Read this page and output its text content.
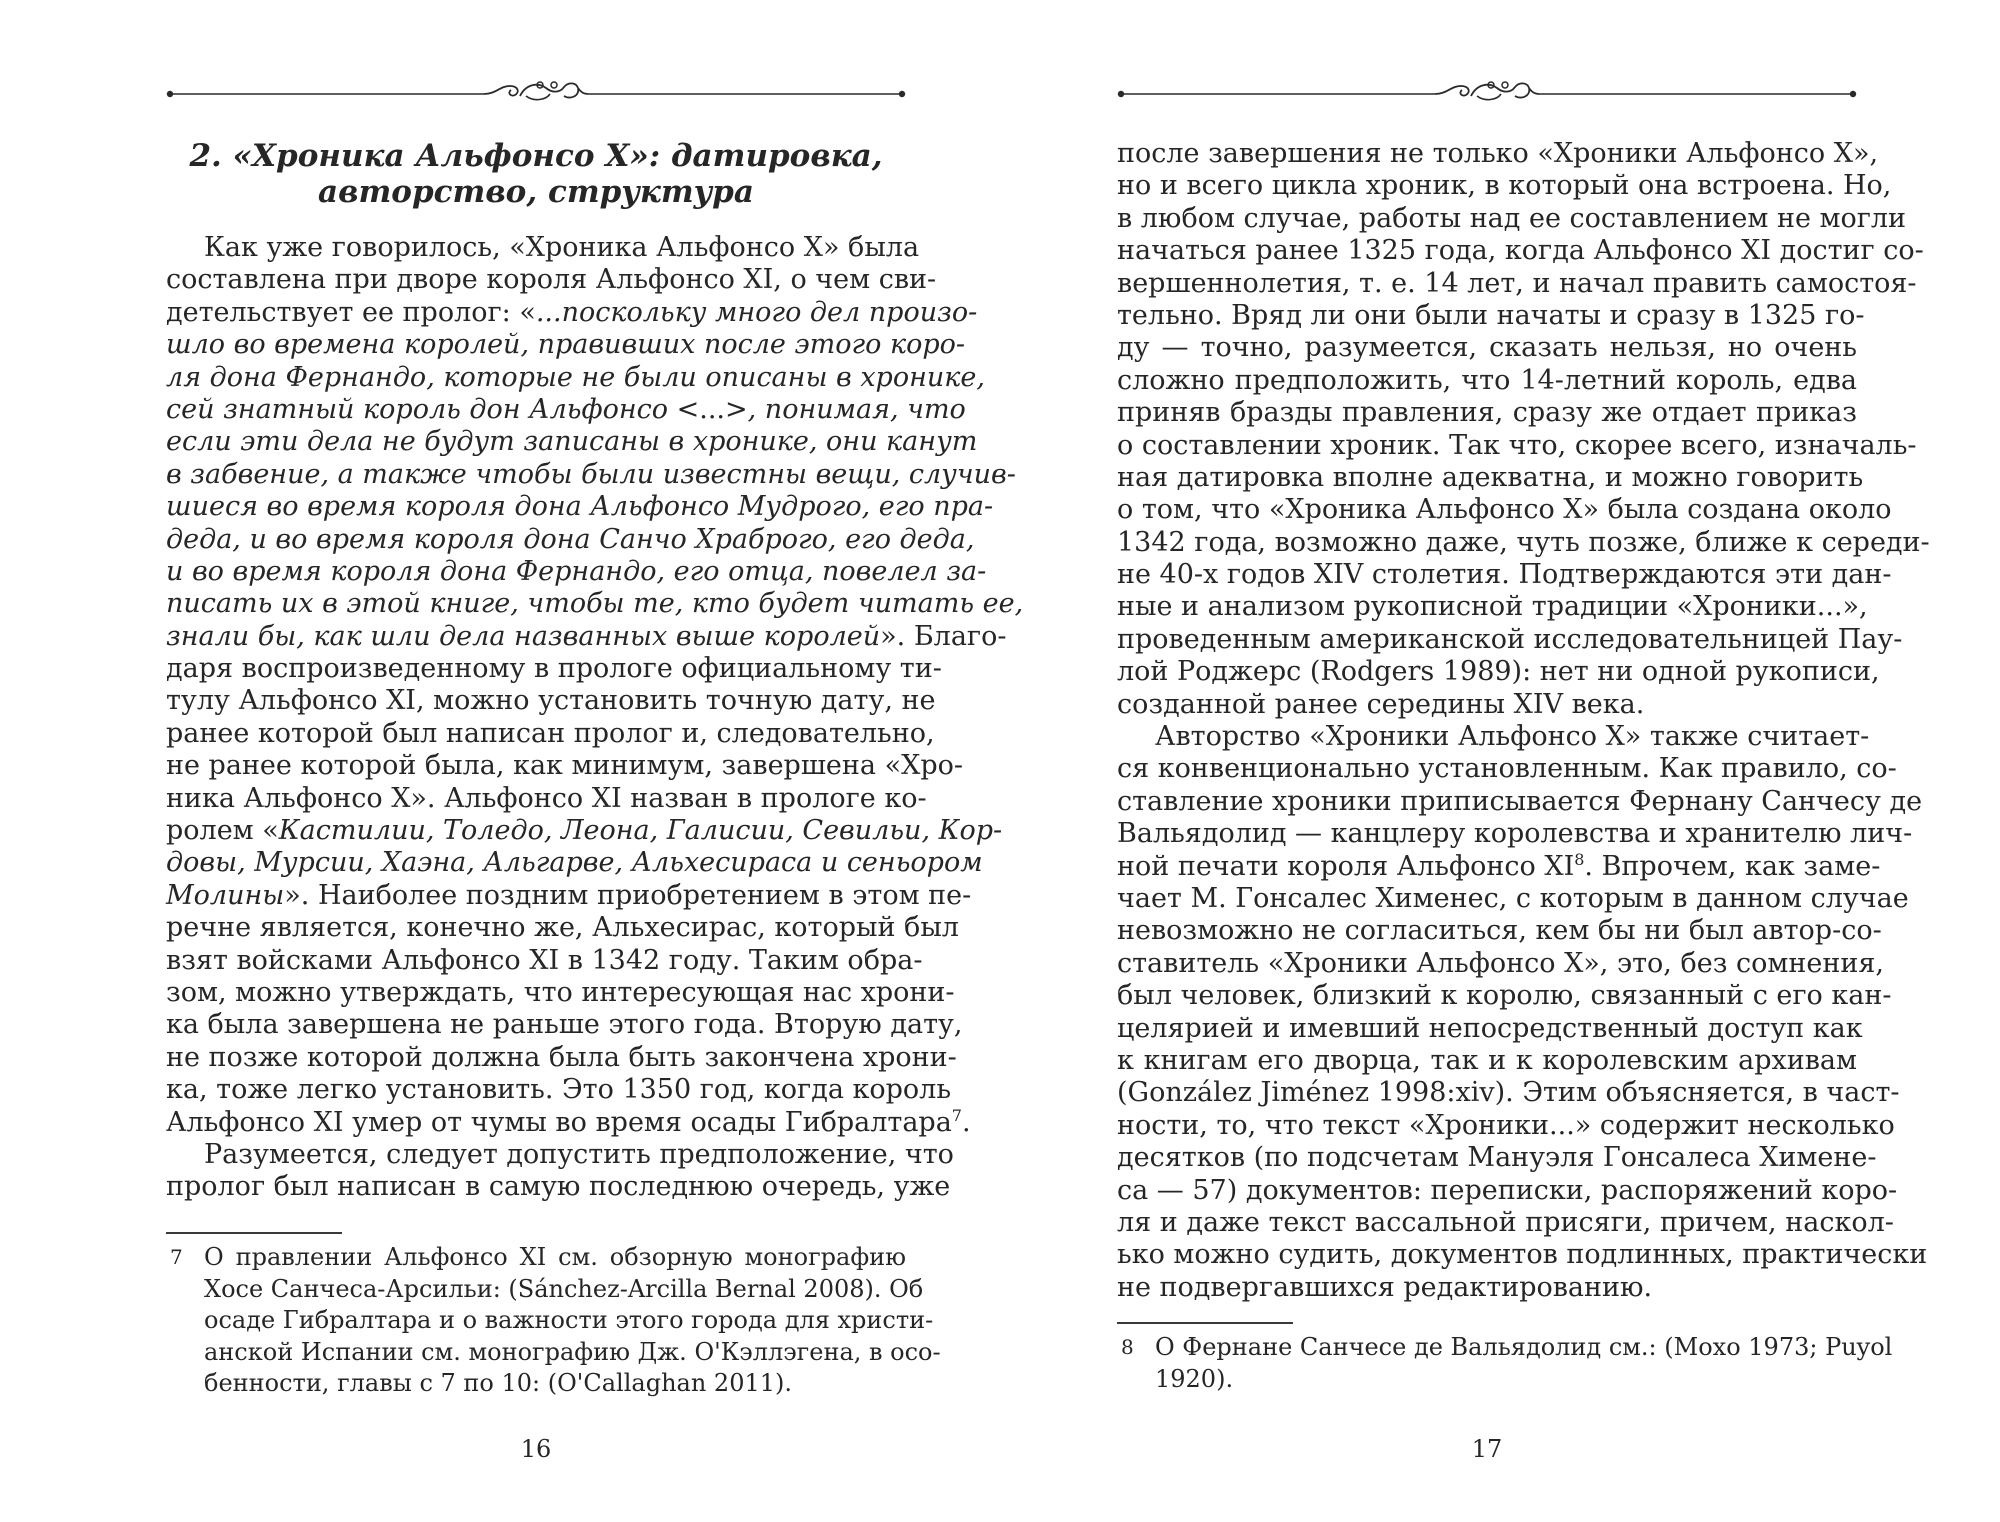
2. «Хроника Альфонсо Х»: датировка,
авторство, структура
Как уже говорилось, «Хроника Альфонсо Х» была
составлена при дворе короля Альфонсо XI, о чем сви-
детельствует ее пролог: «...поскольку много дел произо-
шло во времена королей, правивших после этого коро-
ля дона Фернандо, которые не были описаны в хронике,
сей знатный король дон Альфонсо <...>, понимая, что
если эти дела не будут записаны в хронике, они канут
в забвение, а также чтобы были известны вещи, случив-
шиеся во время короля дона Альфонсо Мудрого, его пра-
деда, и во время короля дона Санчо Храброго, его деда,
и во время короля дона Фернандо, его отца, повелел за-
писать их в этой книге, чтобы те, кто будет читать ее,
знали бы, как шли дела названных выше королей». Благо-
даря воспроизведенному в прологе официальному ти-
тулу Альфонсо XI, можно установить точную дату, не
ранее которой был написан пролог и, следовательно,
не ранее которой была, как минимум, завершена «Хро-
ника Альфонсо Х». Альфонсо XI назван в прологе ко-
ролем «Кастилии, Толедо, Леона, Галисии, Севильи, Кор-
довы, Мурсии, Хаэна, Альгарве, Альхесираса и сеньором
Молины». Наиболее поздним приобретением в этом пе-
речне является, конечно же, Альхесирас, который был
взят войсками Альфонсо XI в 1342 году. Таким обра-
зом, можно утверждать, что интересующая нас хрони-
ка была завершена не раньше этого года. Вторую дату,
не позже которой должна была быть закончена хрони-
ка, тоже легко установить. Это 1350 год, когда король
Альфонсо XI умер от чумы во время осады Гибралтара$^7$.
Разумеется, следует допустить предположение, что
пролог был написан в самую последнюю очередь, уже
7 О правлении Альфонсо XI см. обзорную монографию
Хосе Санчеса-Арсильи: (Sánchez-Arcilla Bernal 2008). Об
осаде Гибралтара и о важности этого города для христи-
анской Испании см. монографию Дж. О'Кэллэгена, в осо-
бенности, главы с 7 по 10: (O'Callaghan 2011).

16

после завершения не только «Хроники Альфонсо Х»,
но и всего цикла хроник, в который она встроена. Но,
в любом случае, работы над ее составлением не могли
начаться ранее 1325 года, когда Альфонсо XI достиг со-
вершеннолетия, т. е. 14 лет, и начал править самостоя-
тельно. Вряд ли они были начаты и сразу в 1325 го-
ду — точно, разумеется, сказать нельзя, но очень
сложно предположить, что 14-летний король, едва
приняв бразды правления, сразу же отдает приказ
о составлении хроник. Так что, скорее всего, изначаль-
ная датировка вполне адекватна, и можно говорить
о том, что «Хроника Альфонсо Х» была создана около
1342 года, возможно даже, чуть позже, ближе к середи-
не 40-х годов XIV столетия. Подтверждаются эти дан-
ные и анализом рукописной традиции «Хроники...»,
проведенным американской исследовательницей Пау-
лой Роджерс (Rodgers 1989): нет ни одной рукописи,
созданной ранее середины XIV века.
Авторство «Хроники Альфонсо Х» также считает-
ся конвенционально установленным. Как правило, со-
ставление хроники приписывается Фернану Санчесу де
Вальядолид — канцлеру королевства и хранителю лич-
ной печати короля Альфонсо $XI^8$. Впрочем, как заме-
чает М. Гонсалес Хименес, с которым в данном случае
невозможно не согласиться, кем бы ни был автор-со-
ставитель «Хроники Альфонсо Х», это, без сомнения,
был человек, близкий к королю, связанный с его кан-
целярией и имевший непосредственный доступ как
к книгам его дворца, так и к королевским архивам
(González Jiménez 1998:xiv). Этим объясняется, в част-
ности, то, что текст «Хроники...» содержит несколько
десятков (по подсчетам Мануэля Гонсалеса Хименe-
са — 57) документов: переписки, распоряжений коро-
ля и даже текст вассальной присяги, причем, наскол-
ько можно судить, документов подлинных, практически
не подвергавшихся редактированию.
8 О Фернане Санчесе де Вальядолид см.: (Мохо 1973; Puyol
1920).

17
